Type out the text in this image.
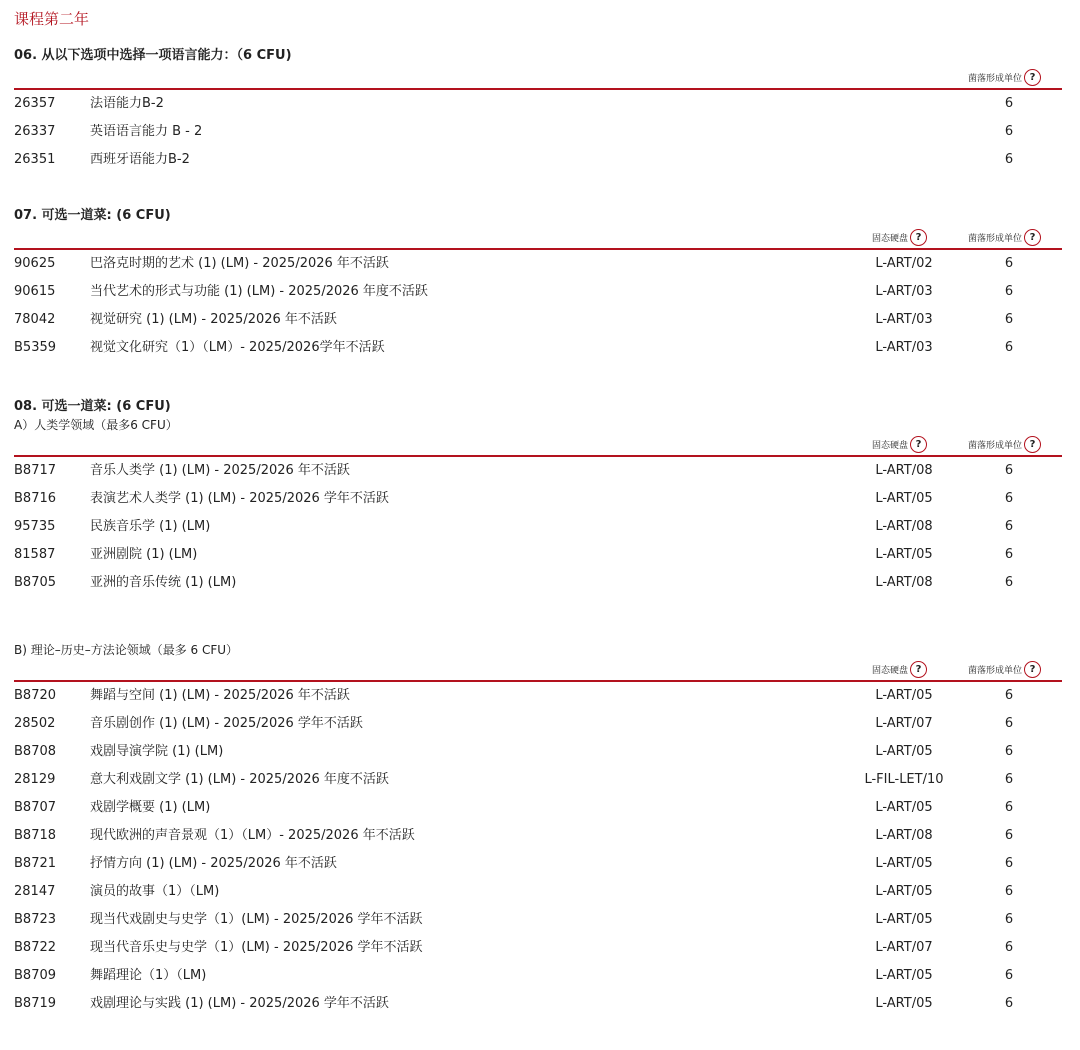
课程第二年
06. 从以下选项中选择一项语言能力：（6 CFU)
菌落形成单位 ?
26357	法语能力B-2	6
26337	英语语言能力 B - 2	6
26351	西班牙语能力B-2	6
07. 可选一道菜: (6 CFU)
固态硬盘 ?	菌落形成单位 ?
90625	巴洛克时期的艺术 (1) (LM) - 2025/2026 年不活跃	L-ART/02	6
90615	当代艺术的形式与功能 (1) (LM) - 2025/2026 年度不活跃	L-ART/03	6
78042	视觉研究 (1) (LM) - 2025/2026 年不活跃	L-ART/03	6
B5359	视觉文化研究（1）（LM）- 2025/2026学年不活跃	L-ART/03	6
08. 可选一道菜: (6 CFU)
A）人类学领域（最多6 CFU）
固态硬盘 ?	菌落形成单位 ?
B8717	音乐人类学 (1) (LM) - 2025/2026 年不活跃	L-ART/08	6
B8716	表演艺术人类学 (1) (LM) - 2025/2026 学年不活跃	L-ART/05	6
95735	民族音乐学 (1) (LM)	L-ART/08	6
81587	亚洲剧院 (1) (LM)	L-ART/05	6
B8705	亚洲的音乐传统 (1) (LM)	L-ART/08	6
B) 理论–历史–方法论领域（最多 6 CFU）
固态硬盘 ?	菌落形成单位 ?
B8720	舞蹈与空间 (1) (LM) - 2025/2026 年不活跃	L-ART/05	6
28502	音乐剧创作 (1) (LM) - 2025/2026 学年不活跃	L-ART/07	6
B8708	戏剧导演学院 (1) (LM)	L-ART/05	6
28129	意大利戏剧文学 (1) (LM) - 2025/2026 年度不活跃	L-FIL-LET/10	6
B8707	戏剧学概要 (1) (LM)	L-ART/05	6
B8718	现代欧洲的声音景观（1）（LM）- 2025/2026 年不活跃	L-ART/08	6
B8721	抒情方向 (1) (LM) - 2025/2026 年不活跃	L-ART/05	6
28147	演员的故事（1）（LM)	L-ART/05	6
B8723	现当代戏剧史与史学（1）(LM) - 2025/2026 学年不活跃	L-ART/05	6
B8722	现当代音乐史与史学（1）(LM) - 2025/2026 学年不活跃	L-ART/07	6
B8709	舞蹈理论（1）（LM)	L-ART/05	6
B8719	戏剧理论与实践 (1) (LM) - 2025/2026 学年不活跃	L-ART/05	6
